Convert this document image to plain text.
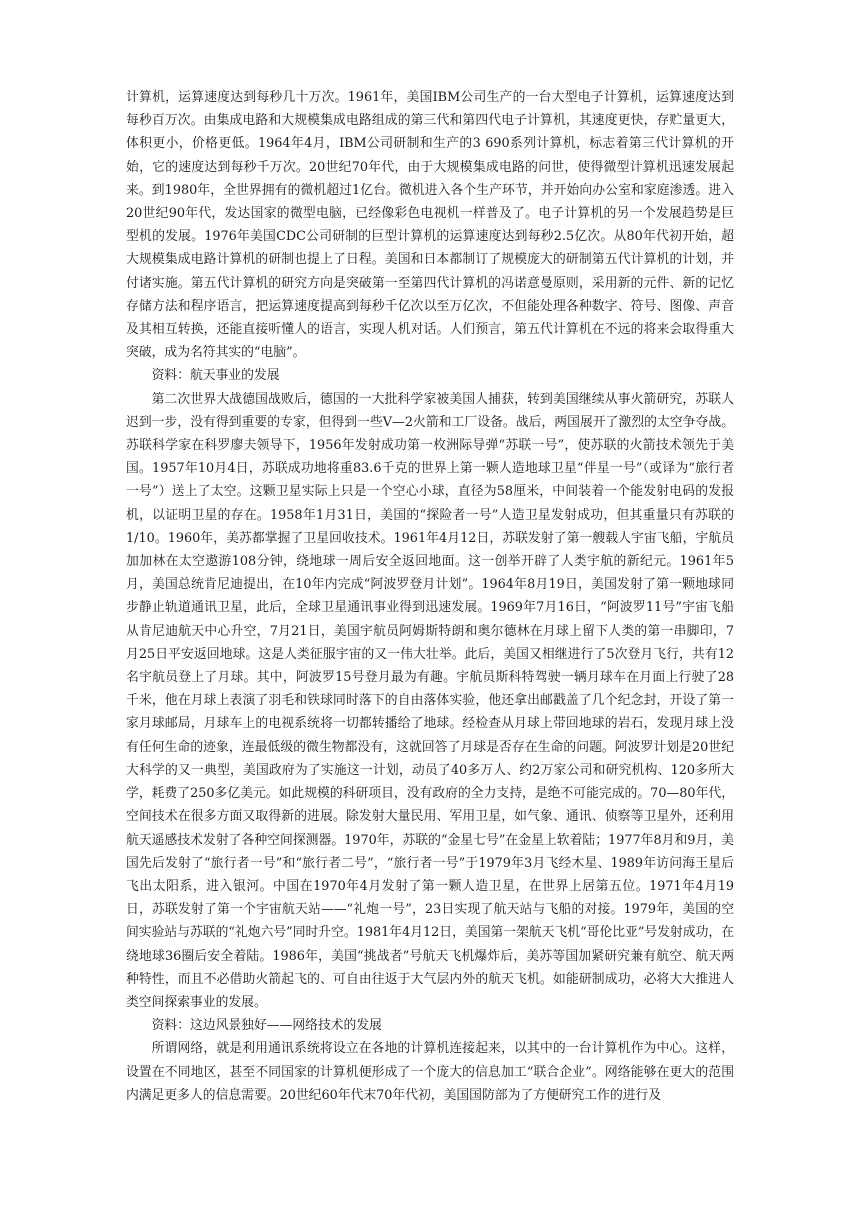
计算机，运算速度达到每秒几十万次。1961年，美国IBM公司生产的一台大型电子计算机，运算速度达到每秒百万次。由集成电路和大规模集成电路组成的第三代和第四代电子计算机，其速度更快，存贮量更大，体积更小，价格更低。1964年4月，IBM公司研制和生产的3 690系列计算机，标志着第三代计算机的开始，它的速度达到每秒千万次。20世纪70年代，由于大规模集成电路的问世，使得微型计算机迅速发展起来。到1980年，全世界拥有的微机超过1亿台。微机进入各个生产环节，并开始向办公室和家庭渗透。进入20世纪90年代，发达国家的微型电脑，已经像彩色电视机一样普及了。电子计算机的另一个发展趋势是巨型机的发展。1976年美国CDC公司研制的巨型计算机的运算速度达到每秒2.5亿次。从80年代初开始，超大规模集成电路计算机的研制也提上了日程。美国和日本都制订了规模庞大的研制第五代计算机的计划，并付诸实施。第五代计算机的研究方向是突破第一至第四代计算机的冯诺意曼原则，采用新的元件、新的记忆存储方法和程序语言，把运算速度提高到每秒千亿次以至万亿次，不但能处理各种数字、符号、图像、声音及其相互转换，还能直接听懂人的语言，实现人机对话。人们预言，第五代计算机在不远的将来会取得重大突破，成为名符其实的“电脑”。

资料：航天事业的发展

第二次世界大战德国战败后，德国的一大批科学家被美国人捕获，转到美国继续从事火箭研究，苏联人迟到一步，没有得到重要的专家，但得到一些V—2火箭和工厂设备。战后，两国展开了激烈的太空争夺战。苏联科学家在科罗廖夫领导下，1956年发射成功第一枚洲际导弹“苏联一号”，使苏联的火箭技术领先于美国。1957年10月4日，苏联成功地将重83.6千克的世界上第一颗人造地球卫星“伴星一号”（或译为“旅行者一号”）送上了太空。这颗卫星实际上只是一个空心小球，直径为58厘米，中间装着一个能发射电码的发报机，以证明卫星的存在。1958年1月31日，美国的“探险者一号”人造卫星发射成功，但其重量只有苏联的1/10。1960年，美苏都掌握了卫星回收技术。1961年4月12日，苏联发射了第一艘载人宇宙飞船，宇航员加加林在太空遨游108分钟，绕地球一周后安全返回地面。这一创举开辟了人类宇航的新纪元。1961年5月，美国总统肯尼迪提出，在10年内完成“阿波罗登月计划”。1964年8月19日，美国发射了第一颗地球同步静止轨道通讯卫星，此后，全球卫星通讯事业得到迅速发展。1969年7月16日，“阿波罗11号”宇宙飞船从肯尼迪航天中心升空，7月21日，美国宇航员阿姆斯特朗和奥尔德林在月球上留下人类的第一串脚印，7月25日平安返回地球。这是人类征服宇宙的又一伟大壮举。此后，美国又相继进行了5次登月飞行，共有12名宇航员登上了月球。其中，阿波罗15号登月最为有趣。宇航员斯科特驾驶一辆月球车在月面上行驶了28千米，他在月球上表演了羽毛和铁球同时落下的自由落体实验，他还拿出邮戳盖了几个纪念封，开设了第一家月球邮局，月球车上的电视系统将一切都转播给了地球。经检查从月球上带回地球的岩石，发现月球上没有任何生命的迹象，连最低级的微生物都没有，这就回答了月球是否存在生命的问题。阿波罗计划是20世纪大科学的又一典型，美国政府为了实施这一计划，动员了40多万人、约2万家公司和研究机构、120多所大学，耗费了250多亿美元。如此规模的科研项目，没有政府的全力支持，是绝不可能完成的。70—80年代，空间技术在很多方面又取得新的进展。除发射大量民用、军用卫星，如气象、通讯、侦察等卫星外，还利用航天遥感技术发射了各种空间探测器。1970年，苏联的“金星七号”在金星上软着陆；1977年8月和9月，美国先后发射了“旅行者一号”和“旅行者二号”，“旅行者一号”于1979年3月飞经木星、1989年访问海王星后飞出太阳系，进入银河。中国在1970年4月发射了第一颗人造卫星，在世界上居第五位。1971年4月19日，苏联发射了第一个宇宙航天站——“礼炮一号”，23日实现了航天站与飞船的对接。1979年，美国的空间实验站与苏联的“礼炮六号”同时升空。1981年4月12日，美国第一架航天飞机“哥伦比亚”号发射成功，在绕地球36圈后安全着陆。1986年，美国“挑战者”号航天飞机爆炸后，美苏等国加紧研究兼有航空、航天两种特性，而且不必借助火箭起飞的、可自由往返于大气层内外的航天飞机。如能研制成功，必将大大推进人类空间探索事业的发展。

资料：这边风景独好——网络技术的发展

所谓网络，就是利用通讯系统将设立在各地的计算机连接起来，以其中的一台计算机作为中心。这样，设置在不同地区，甚至不同国家的计算机便形成了一个庞大的信息加工“联合企业”。网络能够在更大的范围内满足更多人的信息需要。20世纪60年代末70年代初，美国国防部为了方便研究工作的进行及
